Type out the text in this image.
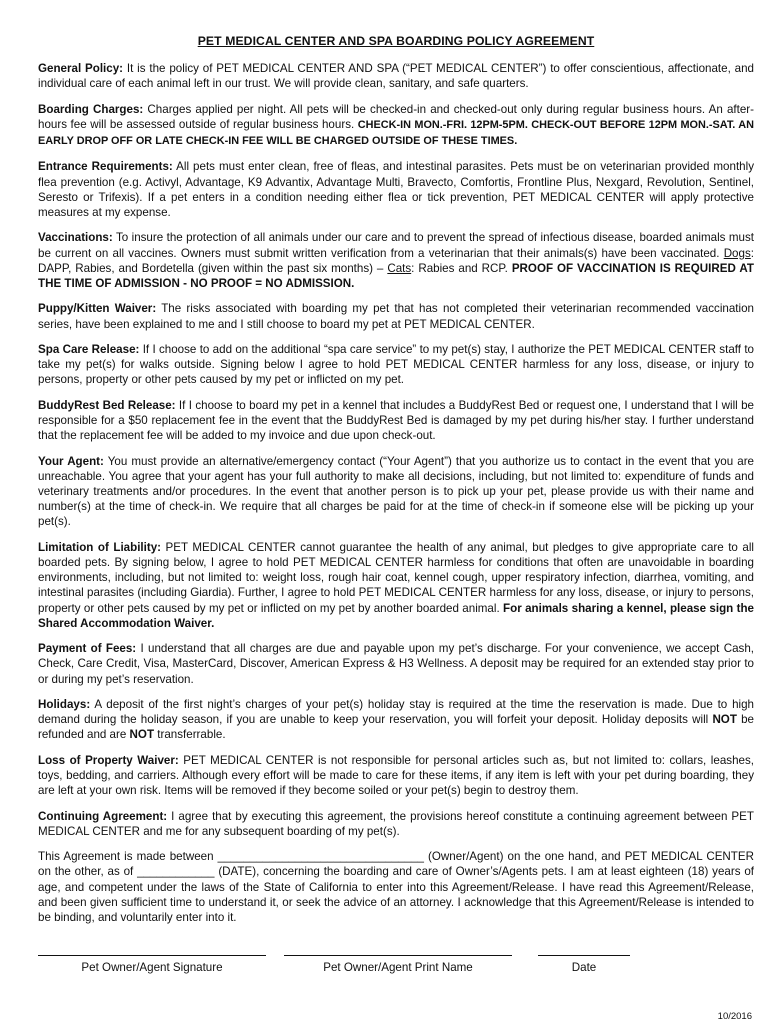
PET MEDICAL CENTER AND SPA BOARDING POLICY AGREEMENT

General Policy: It is the policy of PET MEDICAL CENTER AND SPA (“PET MEDICAL CENTER”) to offer conscientious, affectionate, and individual care of each animal left in our trust. We will provide clean, sanitary, and safe quarters.

Boarding Charges: Charges applied per night. All pets will be checked-in and checked-out only during regular business hours. An after-hours fee will be assessed outside of regular business hours. CHECK-IN MON.-FRI. 12PM-5PM. CHECK-OUT BEFORE 12PM MON.-SAT. AN EARLY DROP OFF OR LATE CHECK-IN FEE WILL BE CHARGED OUTSIDE OF THESE TIMES.

Entrance Requirements: All pets must enter clean, free of fleas, and intestinal parasites. Pets must be on veterinarian provided monthly flea prevention (e.g. Activyl, Advantage, K9 Advantix, Advantage Multi, Bravecto, Comfortis, Frontline Plus, Nexgard, Revolution, Sentinel, Seresto or Trifexis). If a pet enters in a condition needing either flea or tick prevention, PET MEDICAL CENTER will apply protective measures at my expense.

Vaccinations: To insure the protection of all animals under our care and to prevent the spread of infectious disease, boarded animals must be current on all vaccines. Owners must submit written verification from a veterinarian that their animals(s) have been vaccinated. Dogs: DAPP, Rabies, and Bordetella (given within the past six months) – Cats: Rabies and RCP. PROOF OF VACCINATION IS REQUIRED AT THE TIME OF ADMISSION - NO PROOF = NO ADMISSION.

Puppy/Kitten Waiver: The risks associated with boarding my pet that has not completed their veterinarian recommended vaccination series, have been explained to me and I still choose to board my pet at PET MEDICAL CENTER.

Spa Care Release: If I choose to add on the additional “spa care service” to my pet(s) stay, I authorize the PET MEDICAL CENTER staff to take my pet(s) for walks outside. Signing below I agree to hold PET MEDICAL CENTER harmless for any loss, disease, or injury to persons, property or other pets caused by my pet or inflicted on my pet.

BuddyRest Bed Release: If I choose to board my pet in a kennel that includes a BuddyRest Bed or request one, I understand that I will be responsible for a $50 replacement fee in the event that the BuddyRest Bed is damaged by my pet during his/her stay. I further understand that the replacement fee will be added to my invoice and due upon check-out.

Your Agent: You must provide an alternative/emergency contact (“Your Agent”) that you authorize us to contact in the event that you are unreachable. You agree that your agent has your full authority to make all decisions, including, but not limited to: expenditure of funds and veterinary treatments and/or procedures. In the event that another person is to pick up your pet, please provide us with their name and number(s) at the time of check-in. We require that all charges be paid for at the time of check-in if someone else will be picking up your pet(s).

Limitation of Liability: PET MEDICAL CENTER cannot guarantee the health of any animal, but pledges to give appropriate care to all boarded pets. By signing below, I agree to hold PET MEDICAL CENTER harmless for conditions that often are unavoidable in boarding environments, including, but not limited to: weight loss, rough hair coat, kennel cough, upper respiratory infection, diarrhea, vomiting, and intestinal parasites (including Giardia). Further, I agree to hold PET MEDICAL CENTER harmless for any loss, disease, or injury to persons, property or other pets caused by my pet or inflicted on my pet by another boarded animal. For animals sharing a kennel, please sign the Shared Accommodation Waiver.

Payment of Fees: I understand that all charges are due and payable upon my pet’s discharge. For your convenience, we accept Cash, Check, Care Credit, Visa, MasterCard, Discover, American Express & H3 Wellness. A deposit may be required for an extended stay prior to or during my pet’s reservation.

Holidays: A deposit of the first night’s charges of your pet(s) holiday stay is required at the time the reservation is made. Due to high demand during the holiday season, if you are unable to keep your reservation, you will forfeit your deposit. Holiday deposits will NOT be refunded and are NOT transferrable.

Loss of Property Waiver: PET MEDICAL CENTER is not responsible for personal articles such as, but not limited to: collars, leashes, toys, bedding, and carriers. Although every effort will be made to care for these items, if any item is left with your pet during boarding, they are left at your own risk. Items will be removed if they become soiled or your pet(s) begin to destroy them.

Continuing Agreement: I agree that by executing this agreement, the provisions hereof constitute a continuing agreement between PET MEDICAL CENTER and me for any subsequent boarding of my pet(s).

This Agreement is made between ________________________________ (Owner/Agent) on the one hand, and PET MEDICAL CENTER on the other, as of ____________ (DATE), concerning the boarding and care of Owner’s/Agents pets. I am at least eighteen (18) years of age, and competent under the laws of the State of California to enter into this Agreement/Release. I have read this Agreement/Release, and been given sufficient time to understand it, or seek the advice of an attorney. I acknowledge that this Agreement/Release is intended to be binding, and voluntarily enter into it.

Pet Owner/Agent Signature	Pet Owner/Agent Print Name	Date
10/2016
